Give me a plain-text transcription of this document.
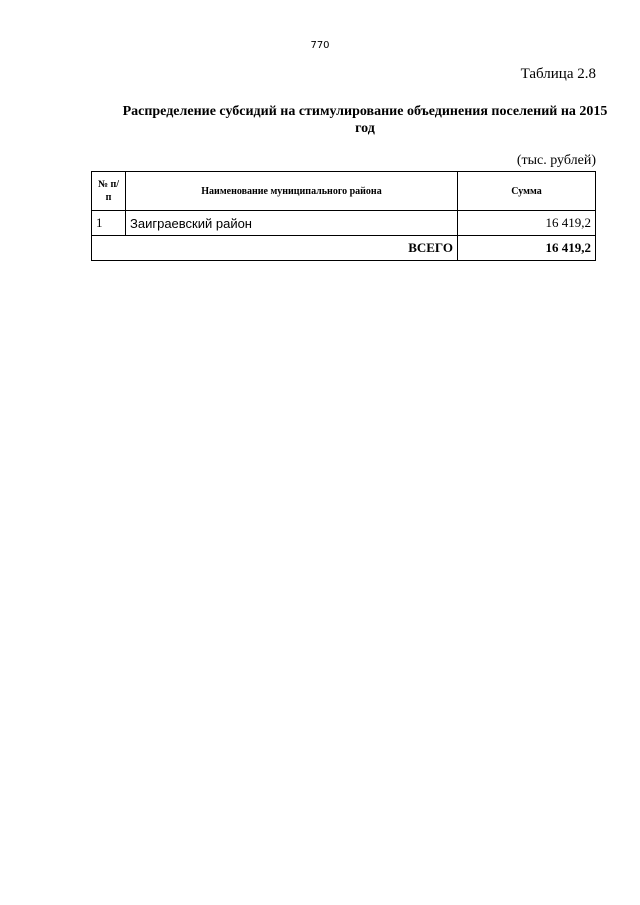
770
Таблица 2.8
Распределение субсидий на стимулирование объединения поселений на 2015 год
(тыс. рублей)
№ п/п	Наименование муниципального района	Сумма
1	Заиграевский район	16 419,2
ВСЕГО		16 419,2
